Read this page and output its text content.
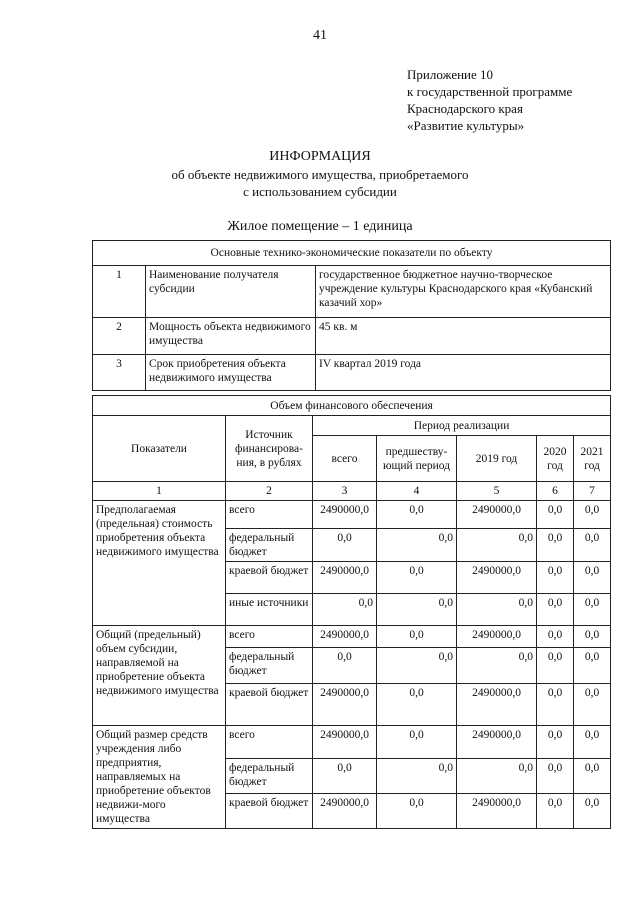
41
Приложение 10
к государственной программе
Краснодарского края
«Развитие культуры»
ИНФОРМАЦИЯ
об объекте недвижимого имущества, приобретаемого
с использованием субсидии
Жилое помещение – 1 единица
Основные технико-экономические показатели по объекту		
1	Наименование получателя субсидии	государственное бюджетное научно-творческое учреждение культуры Краснодарского края «Кубанский казачий хор»
2	Мощность объекта недвижимого имущества	45 кв. м
3	Срок приобретения объекта недвижимого имущества	IV квартал 2019 года
Объем финансового обеспечения						
Показатели	Источник финансирова-ния, в рублях	Период реализации				
		всего	предшеству-ющий период	2019 год	2020 год	2021 год
1	2	3	4	5	6	7
Предполагаемая (предельная) стоимость приобретения объекта недвижимого имущества	всего	2490000,0	0,0	2490000,0	0,0	0,0
	федеральный бюджет	0,0	0,0	0,0	0,0	0,0
	краевой бюджет	2490000,0	0,0	2490000,0	0,0	0,0
	иные источники	0,0	0,0	0,0	0,0	0,0
Общий (предельный) объем субсидии, направляемой на приобретение объекта недвижимого имущества	всего	2490000,0	0,0	2490000,0	0,0	0,0
	федеральный бюджет	0,0	0,0	0,0	0,0	0,0
	краевой бюджет	2490000,0	0,0	2490000,0	0,0	0,0
Общий размер средств учреждения либо предприятия, направляемых на приобретение объектов недвижи-мого имущества	всего	2490000,0	0,0	2490000,0	0,0	0,0
	федеральный бюджет	0,0	0,0	0,0	0,0	0,0
	краевой бюджет	2490000,0	0,0	2490000,0	0,0	0,0
